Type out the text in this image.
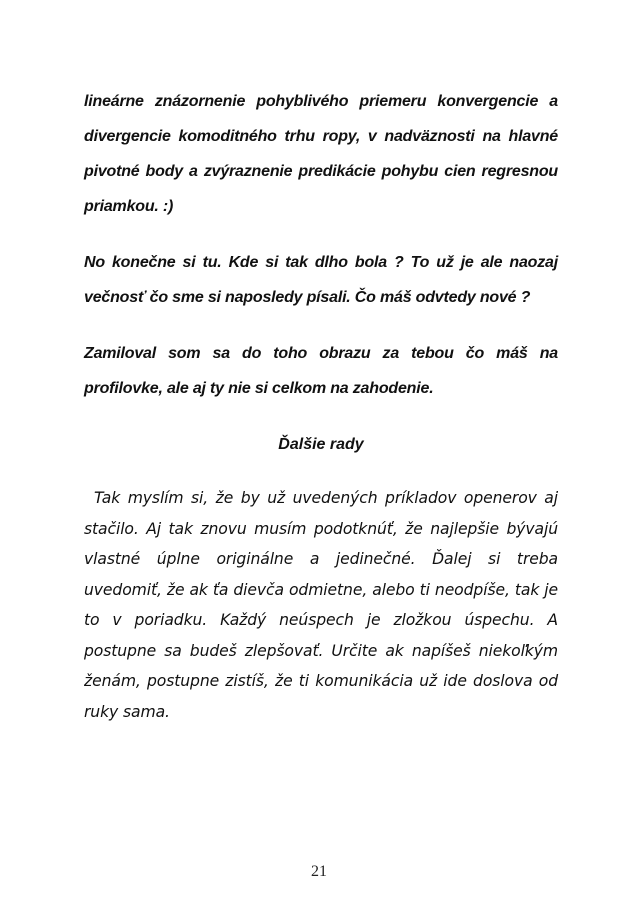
lineárne znázornenie pohyblivého priemeru konvergencie a divergencie komoditného trhu ropy, v nadväznosti na hlavné pivotné body a zvýraznenie predikácie pohybu cien regresnou priamkou. :)

No konečne si tu. Kde si tak dlho bola ? To už je ale naozaj večnosť čo sme si naposledy písali. Čo máš odvtedy nové ?

Zamiloval som sa do toho obrazu za tebou čo máš na profilovke, ale aj ty nie si celkom na zahodenie.

Ďalšie rady

Tak myslím si, že by už uvedených príkladov openerov aj stačilo. Aj tak znovu musím podotknúť, že najlepšie bývajú vlastné úplne originálne a jedinečné. Ďalej si treba uvedomiť, že ak ťa dievča odmietne, alebo ti neodpíše, tak je to v poriadku. Každý neúspech je zložkou úspechu. A postupne sa budeš zlepšovať. Určite ak napíšeš niekoľkým ženám, postupne zistíš, že ti komunikácia už ide doslova od ruky sama.

21
